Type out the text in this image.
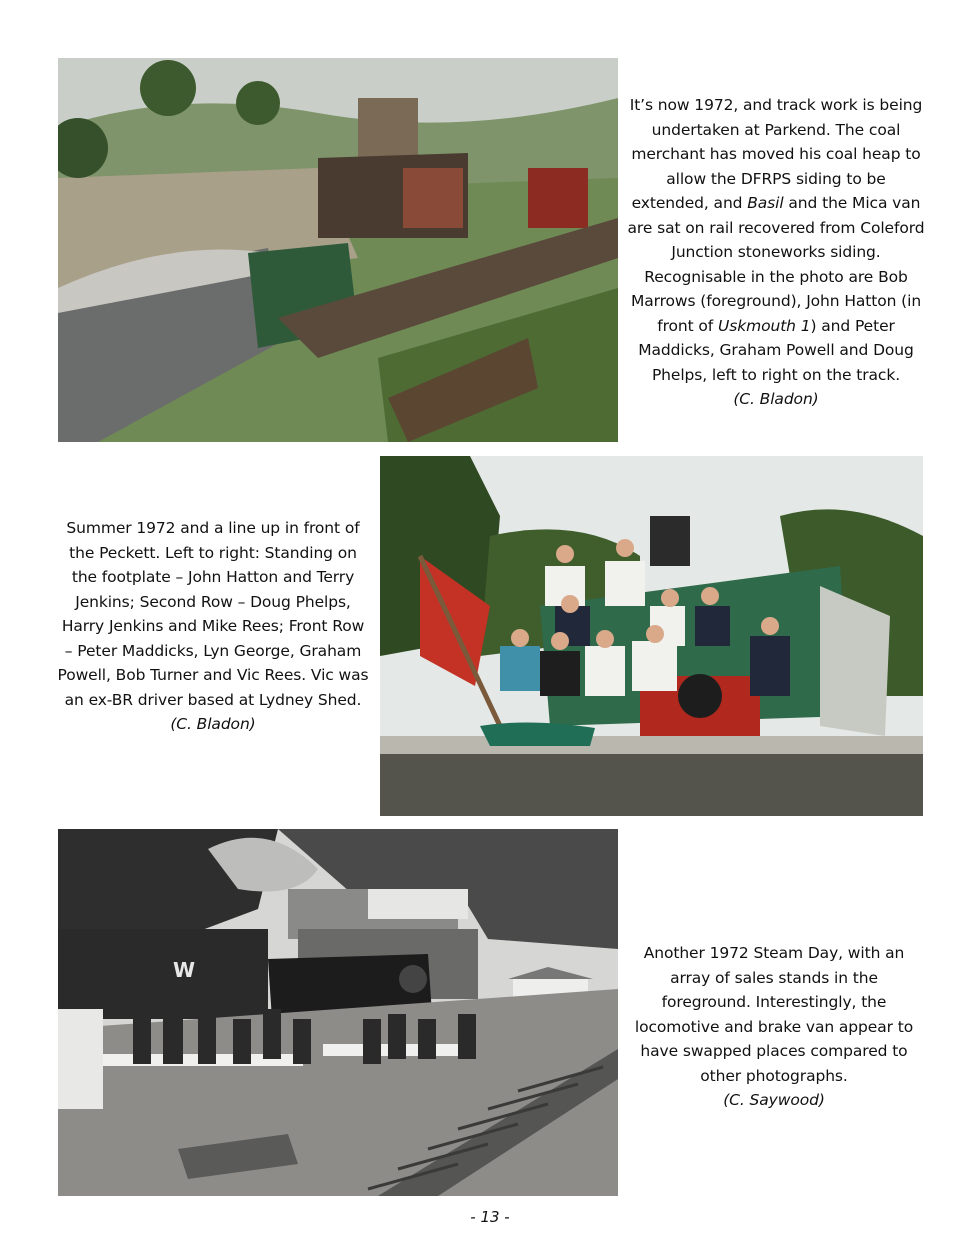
It’s now 1972, and track work is being undertaken at Parkend. The coal merchant has moved his coal heap to allow the DFRPS siding to be extended, and Basil and the Mica van are sat on rail recovered from Coleford Junction stoneworks siding. Recognisable in the photo are Bob Marrows (foreground), John Hatton (in front of Uskmouth 1) and Peter Maddicks, Graham Powell and Doug Phelps, left to right on the track.

(C. Bladon)

Summer 1972 and a line up in front of the Peckett. Left to right: Standing on the footplate – John Hatton and Terry Jenkins; Second Row – Doug Phelps, Harry Jenkins and Mike Rees; Front Row – Peter Maddicks, Lyn George, Graham Powell, Bob Turner and Vic Rees. Vic was an ex-BR driver based at Lydney Shed.

(C. Bladon)

W

Another 1972 Steam Day, with an array of sales stands in the foreground. Interestingly, the locomotive and brake van appear to have swapped places compared to other photographs.

(C. Saywood)

- 13 -
